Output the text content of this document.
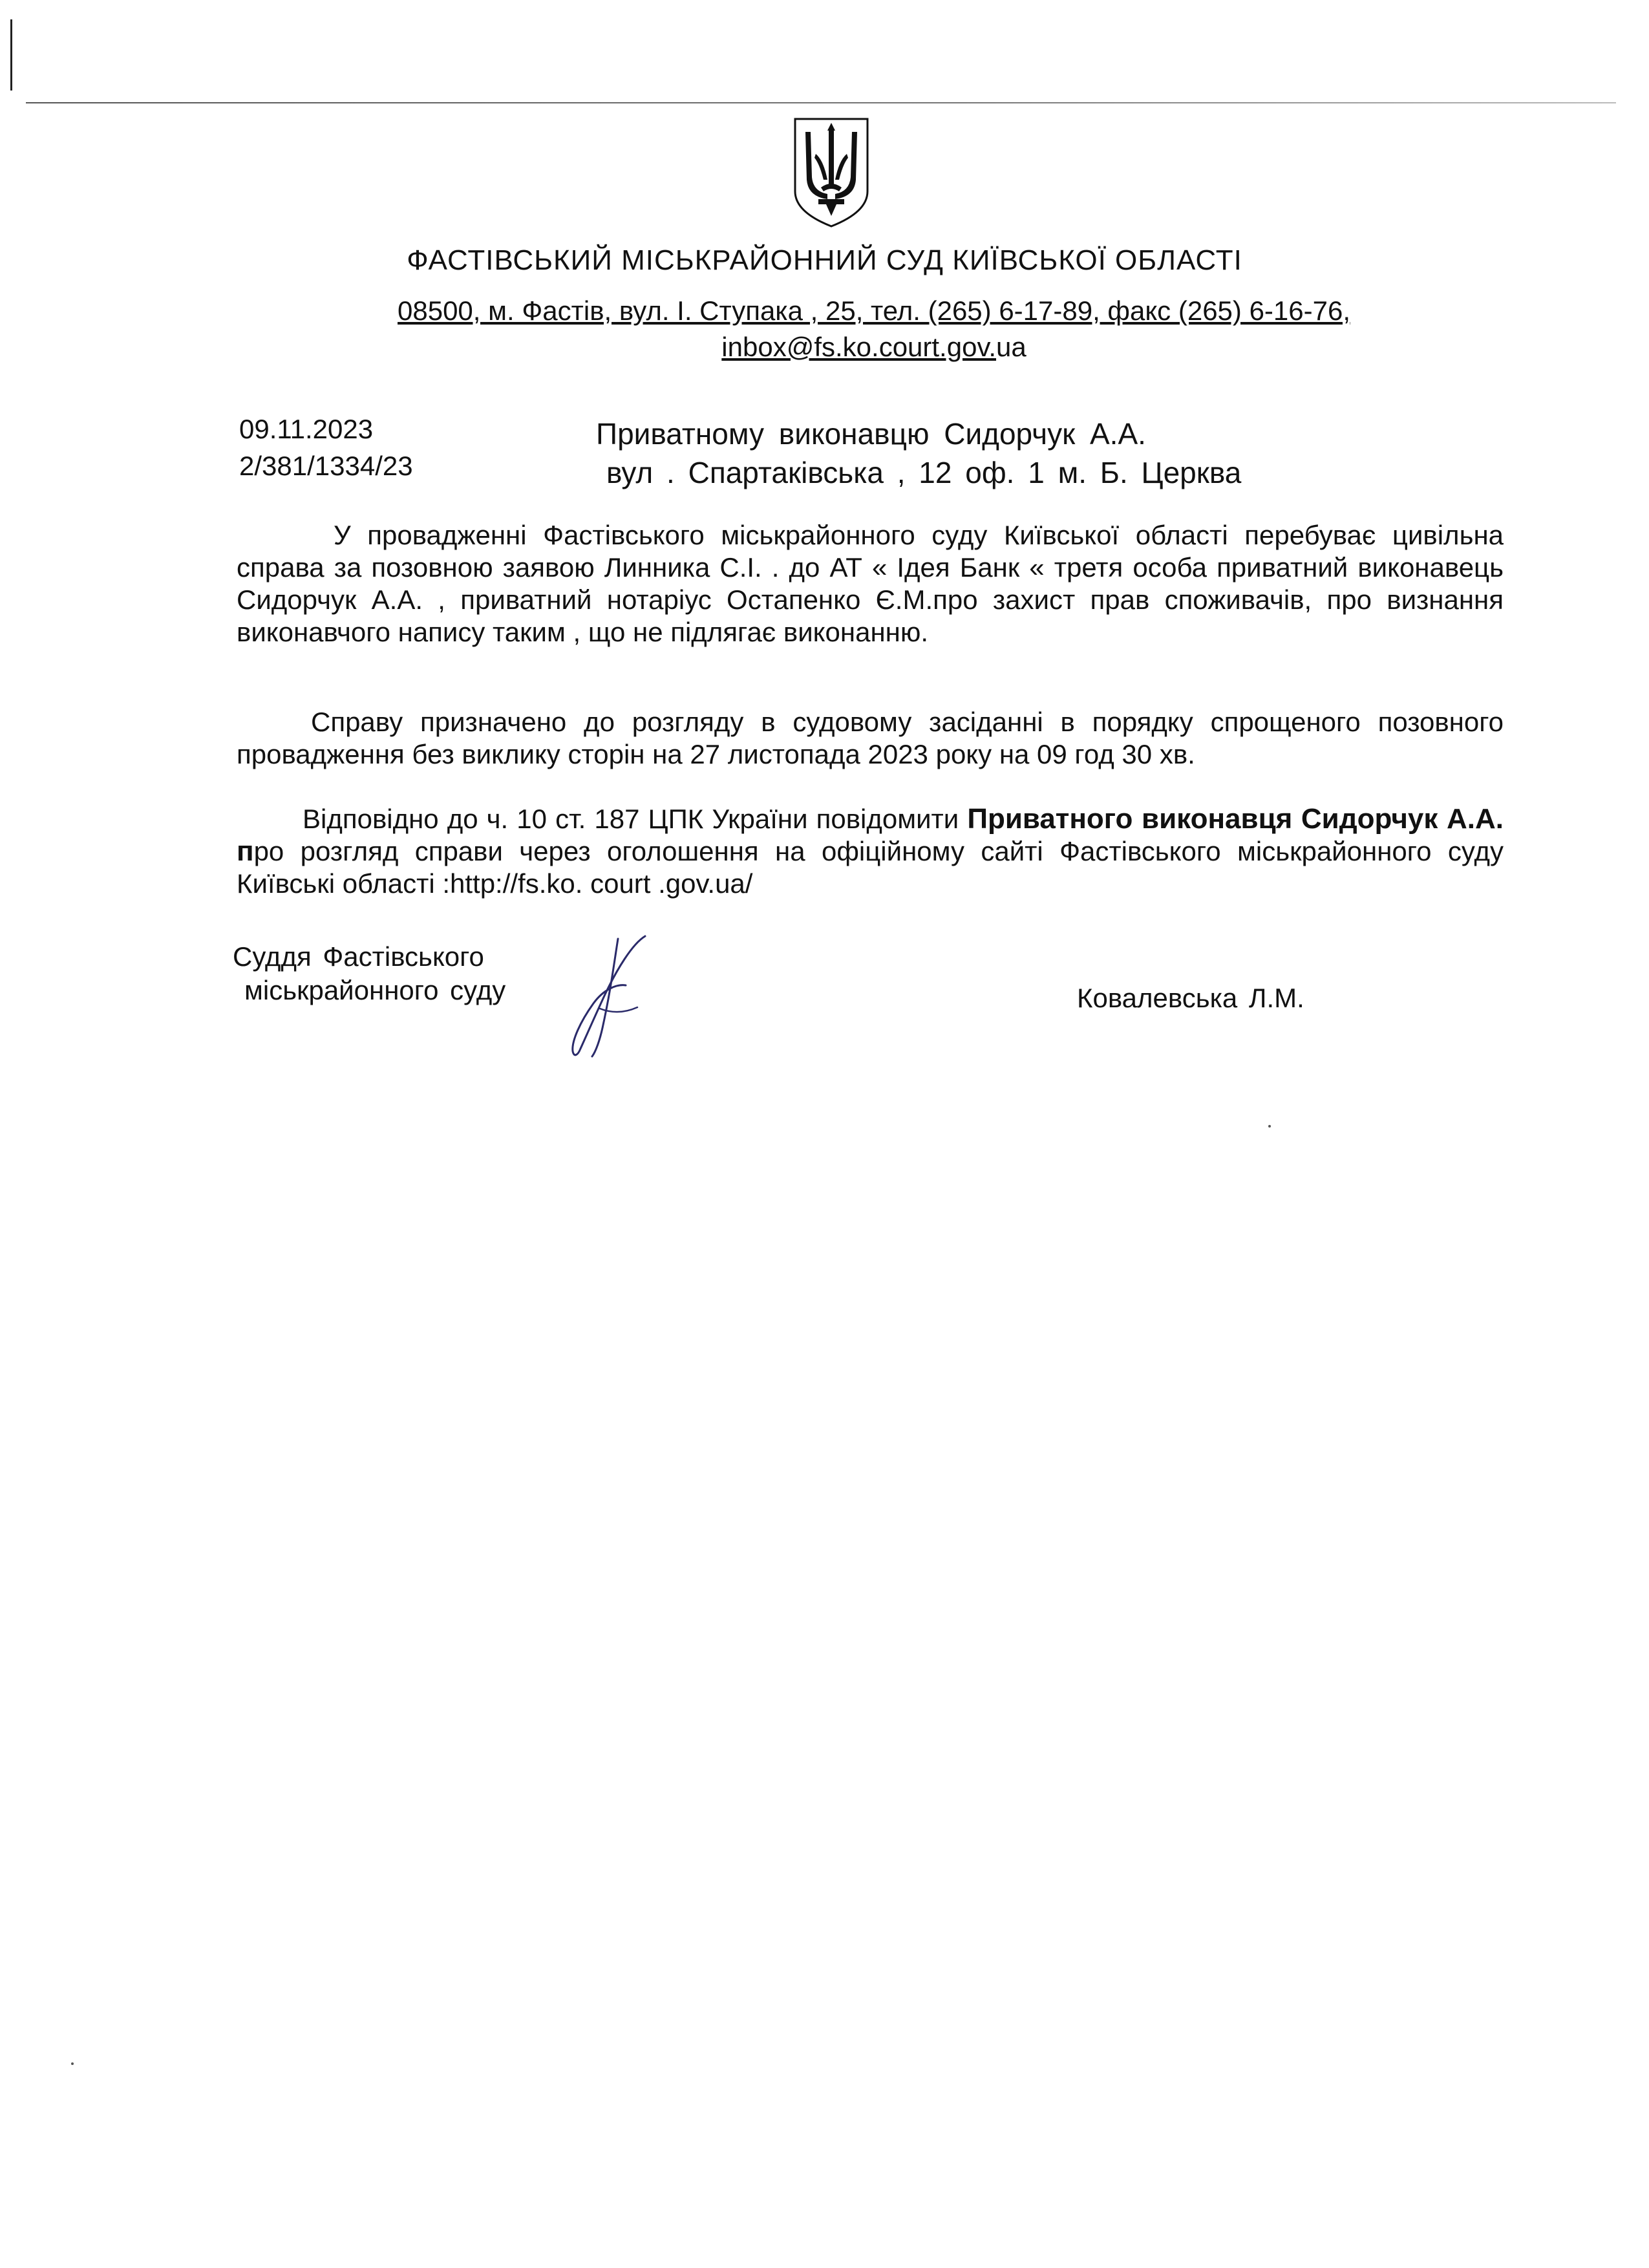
ФАСТІВСЬКИЙ МІСЬКРАЙОННИЙ СУД КИЇВСЬКОЇ ОБЛАСТІ
08500, м. Фастів, вул. І. Ступака , 25, тел. (265) 6-17-89, факс (265) 6-16-76,
inbox@fs.ko.court.gov.ua
09.11.2023
2/381/1334/23
Приватному виконавцю Сидорчук А.А.
вул . Спартаківська , 12 оф. 1 м. Б. Церква
У провадженні Фастівського міськрайонного суду Київської області перебуває цивільна справа за позовною заявою Линника С.І. . до АТ « Ідея Банк « третя особа приватний виконавець Сидорчук А.А. , приватний нотаріус Остапенко Є.М.про захист прав споживачів, про визнання виконавчого напису таким , що не підлягає виконанню.
Справу призначено до розгляду в судовому засіданні в порядку спрощеного позовного провадження без виклику сторін на 27 листопада 2023 року на 09 год 30 хв.
Відповідно до ч. 10 ст. 187 ЦПК України повідомити Приватного виконавця Сидорчук А.А. про розгляд справи через оголошення на офіційному сайті Фастівського міськрайонного суду Київські області :http://fs.ko. court .gov.ua/
Суддя Фастівського
міськрайонного суду	Ковалевська Л.М.
